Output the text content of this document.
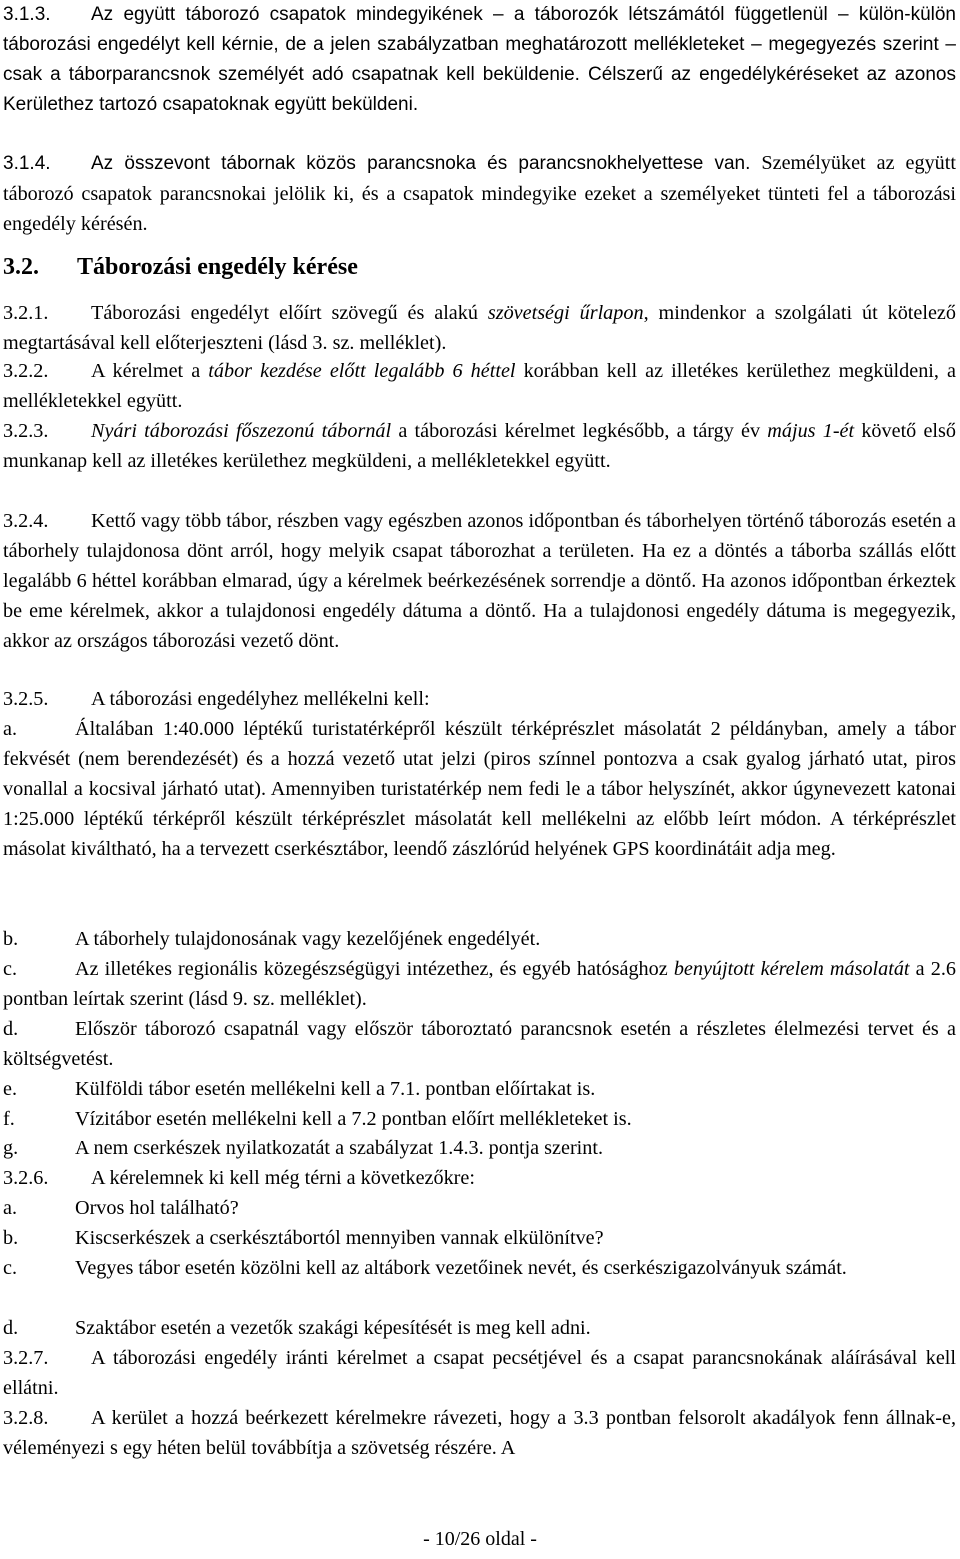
3.1.3. Az együtt táborozó csapatok mindegyikének – a táborozók létszámától függetlenül – külön-külön táborozási engedélyt kell kérnie, de a jelen szabályzatban meghatározott mellékleteket – megegyezés szerint – csak a táborparancsnok személyét adó csapatnak kell beküldenie. Célszerű az engedélykéréseket az azonos Kerülethez tartozó csapatoknak együtt beküldeni.

3.1.4. Az összevont tábornak közös parancsnoka és parancsnokhelyettese van. Személyüket az együtt táborozó csapatok parancsnokai jelölik ki, és a csapatok mindegyike ezeket a személyeket tünteti fel a táborozási engedély kérésén.

3.2. Táborozási engedély kérése

3.2.1. Táborozási engedélyt előírt szövegű és alakú szövetségi űrlapon, mindenkor a szolgálati út kötelező megtartásával kell előterjeszteni (lásd 3. sz. melléklet).

3.2.2. A kérelmet a tábor kezdése előtt legalább 6 héttel korábban kell az illetékes kerülethez megküldeni, a mellékletekkel együtt.

3.2.3. Nyári táborozási főszezonú tábornál a táborozási kérelmet legkésőbb, a tárgy év május 1-ét követő első munkanap kell az illetékes kerülethez megküldeni, a mellékletekkel együtt.

3.2.4. Kettő vagy több tábor, részben vagy egészben azonos időpontban és táborhelyen történő táborozás esetén a táborhely tulajdonosa dönt arról, hogy melyik csapat táborozhat a területen. Ha ez a döntés a táborba szállás előtt legalább 6 héttel korábban elmarad, úgy a kérelmek beérkezésének sorrendje a döntő. Ha azonos időpontban érkeztek be eme kérelmek, akkor a tulajdonosi engedély dátuma a döntő. Ha a tulajdonosi engedély dátuma is megegyezik, akkor az országos táborozási vezető dönt.

3.2.5. A táborozási engedélyhez mellékelni kell:

a.	Általában 1:40.000 léptékű turistatérképről készült térképrészlet másolatát 2 példányban, amely a tábor fekvését (nem berendezését) és a hozzá vezető utat jelzi (piros színnel pontozva a csak gyalog járható utat, piros vonallal a kocsival járható utat). Amennyiben turistatérkép nem fedi le a tábor helyszínét, akkor úgynevezett katonai 1:25.000 léptékű térképről készült térképrészlet másolatát kell mellékelni az előbb leírt módon. A térképrészlet másolat kiváltható, ha a tervezett cserkésztábor, leendő zászlórúd helyének GPS koordinátáit adja meg.

b.	A táborhely tulajdonosának vagy kezelőjének engedélyét.

c.	Az illetékes regionális közegészségügyi intézethez, és egyéb hatósághoz benyújtott kérelem másolatát a 2.6 pontban leírtak szerint (lásd 9. sz. melléklet).

d.	Először táborozó csapatnál vagy először táboroztató parancsnok esetén a részletes élelmezési tervet és a költségvetést.

e.	Külföldi tábor esetén mellékelni kell a 7.1. pontban előírtakat is.

f.	Vízitábor esetén mellékelni kell a 7.2 pontban előírt mellékleteket is.

g.	A nem cserkészek nyilatkozatát a szabályzat 1.4.3. pontja szerint.

3.2.6. A kérelemnek ki kell még térni a következőkre:

a.	Orvos hol található?

b.	Kiscserkészek a cserkésztábortól mennyiben vannak elkülönítve?

c.	Vegyes tábor esetén közölni kell az altábork vezetőinek nevét, és cserkészigazolványuk számát.

d.	Szaktábor esetén a vezetők szakági képesítését is meg kell adni.

3.2.7. A táborozási engedély iránti kérelmet a csapat pecsétjével és a csapat parancsnokának aláírásával kell ellátni.

3.2.8. A kerület a hozzá beérkezett kérelmekre rávezeti, hogy a 3.3 pontban felsorolt akadályok fenn állnak-e, véleményezi s egy héten belül továbbítja a szövetség részére. A

- 10/26 oldal -
